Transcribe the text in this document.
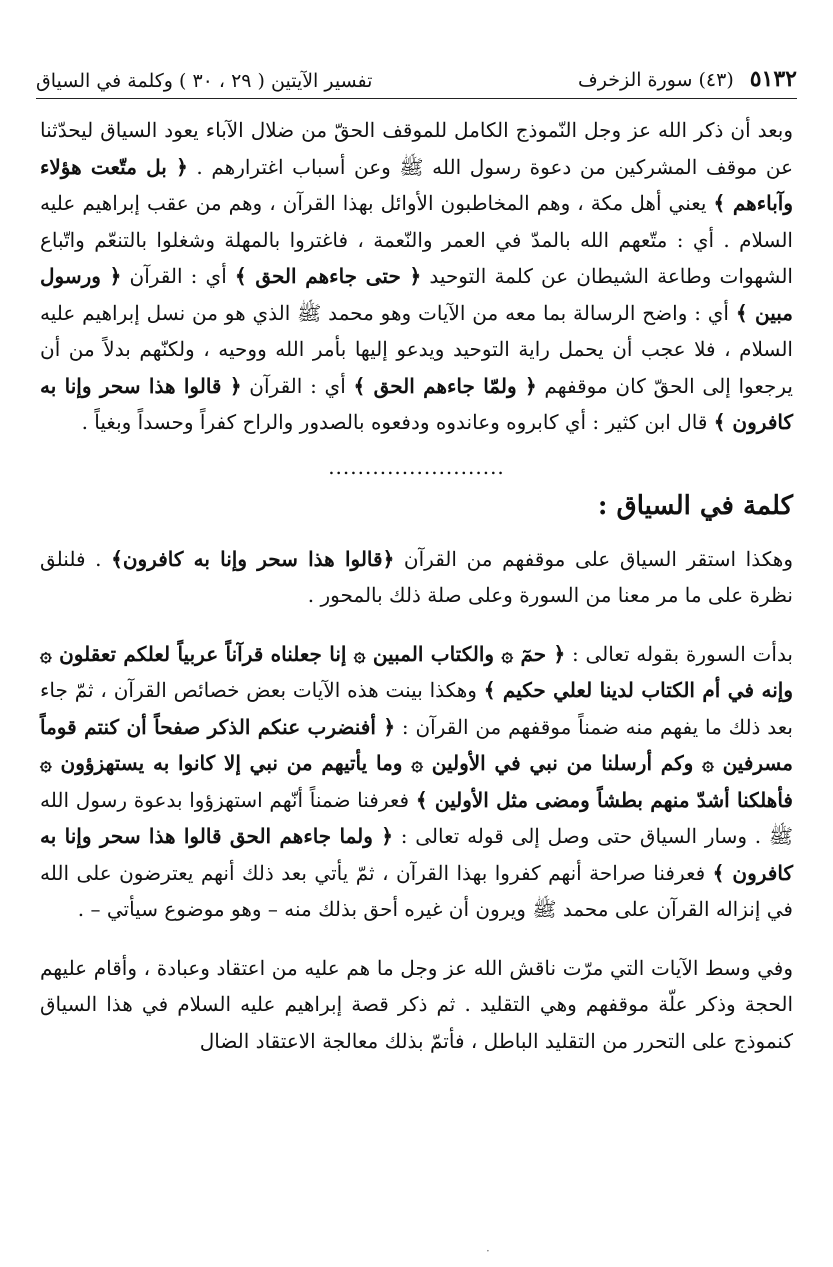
٥١٣٢
(٤٣) سورة الزخرف
تفسير الآيتين ( ٢٩ ، ٣٠ ) وكلمة في السياق

وبعد أن ذكر الله عز وجل النّموذج الكامل للموقف الحقّ من ضلال الآباء يعود السياق ليحدّثنا عن موقف المشركين من دعوة رسول الله ﷺ وعن أسباب اغترارهم . ﴿ بل متّعت هؤلاء وآباءهم ﴾ يعني أهل مكة ، وهم المخاطبون الأوائل بهذا القرآن ، وهم من عقب إبراهيم عليه السلام . أي : متّعهم الله بالمدّ في العمر والنّعمة ، فاغتروا بالمهلة وشغلوا بالتنعّم واتّباع الشهوات وطاعة الشيطان عن كلمة التوحيد ﴿ حتى جاءهم الحق ﴾ أي : القرآن ﴿ ورسول مبين ﴾ أي : واضح الرسالة بما معه من الآيات وهو محمد ﷺ الذي هو من نسل إبراهيم عليه السلام ، فلا عجب أن يحمل راية التوحيد ويدعو إليها بأمر الله ووحيه ، ولكنّهم بدلاً من أن يرجعوا إلى الحقّ كان موقفهم ﴿ ولمّا جاءهم الحق ﴾ أي : القرآن ﴿ قالوا هذا سحر وإنا به كافرون ﴾ قال ابن كثير : أي كابروه وعاندوه ودفعوه بالصدور والراح كفراً وحسداً وبغياً .

........................
كلمة في السياق :

وهكذا استقر السياق على موقفهم من القرآن ﴿قالوا هذا سحر وإنا به كافرون﴾ . فلنلق نظرة على ما مر معنا من السورة وعلى صلة ذلك بالمحور .

بدأت السورة بقوله تعالى : ﴿ حمٓ ۞ والكتاب المبين ۞ إنا جعلناه قرآناً عربياً لعلكم تعقلون ۞ وإنه في أم الكتاب لدينا لعلي حكيم ﴾ وهكذا بينت هذه الآيات بعض خصائص القرآن ، ثمّ جاء بعد ذلك ما يفهم منه ضمناً موقفهم من القرآن : ﴿ أفنضرب عنكم الذكر صفحاً أن كنتم قوماً مسرفين ۞ وكم أرسلنا من نبي في الأولين ۞ وما يأتيهم من نبي إلا كانوا به يستهزؤون ۞ فأهلكنا أشدّ منهم بطشاً ومضى مثل الأولين ﴾ فعرفنا ضمناً أنّهم استهزؤوا بدعوة رسول الله ﷺ . وسار السياق حتى وصل إلى قوله تعالى : ﴿ ولما جاءهم الحق قالوا هذا سحر وإنا به كافرون ﴾ فعرفنا صراحة أنهم كفروا بهذا القرآن ، ثمّ يأتي بعد ذلك أنهم يعترضون على الله في إنزاله القرآن على محمد ﷺ ويرون أن غيره أحق بذلك منه – وهو موضوع سيأتي – .

وفي وسط الآيات التي مرّت ناقش الله عز وجل ما هم عليه من اعتقاد وعبادة ، وأقام عليهم الحجة وذكر علّة موقفهم وهي التقليد . ثم ذكر قصة إبراهيم عليه السلام في هذا السياق كنموذج على التحرر من التقليد الباطل ، فأتمّ بذلك معالجة الاعتقاد الضال

·
